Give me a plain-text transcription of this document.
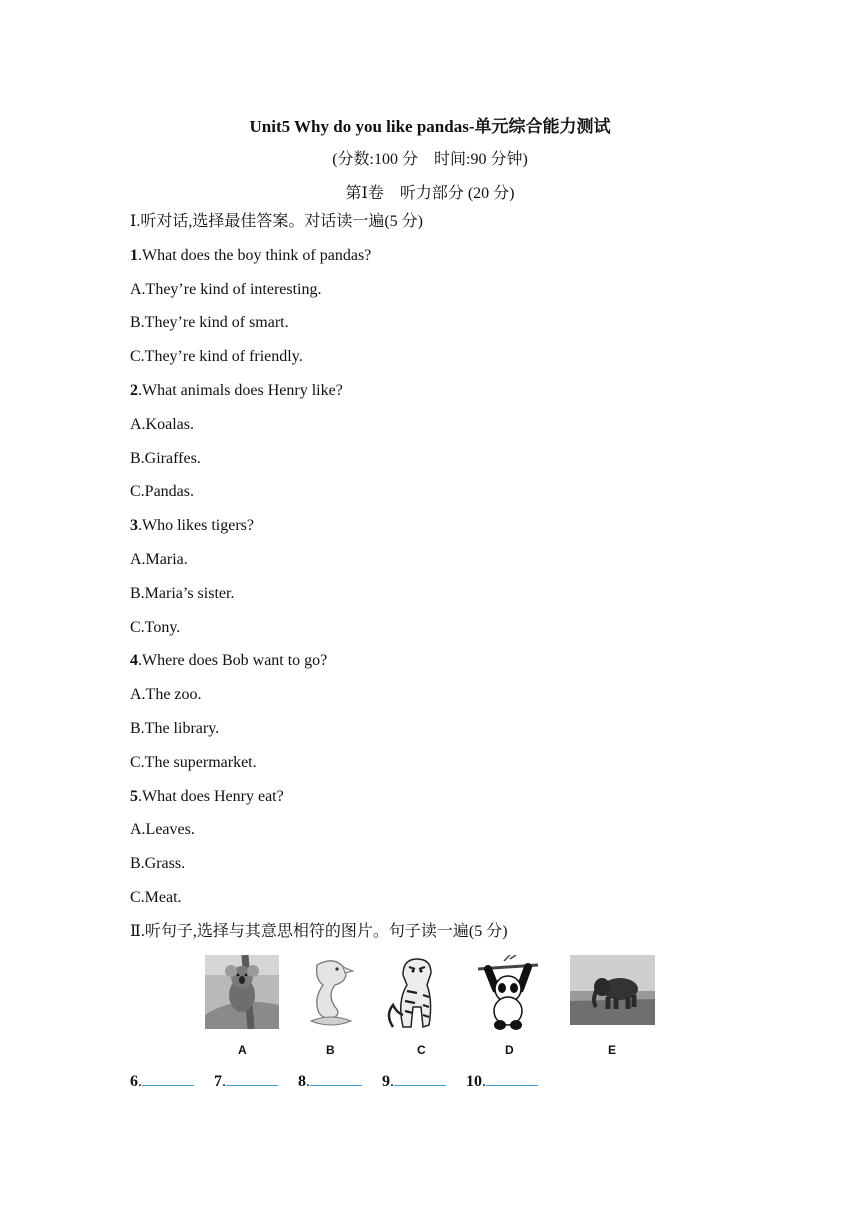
Unit5 Why do you like pandas-单元综合能力测试
(分数:100 分　时间:90 分钟)
第Ⅰ卷　听力部分 (20 分)
Ⅰ.听对话,选择最佳答案。对话读一遍(5 分)
1.What does the boy think of pandas?
A.They’re kind of interesting.
B.They’re kind of smart.
C.They’re kind of friendly.
2.What animals does Henry like?
A.Koalas.
B.Giraffes.
C.Pandas.
3.Who likes tigers?
A.Maria.
B.Maria’s sister.
C.Tony.
4.Where does Bob want to go?
A.The zoo.
B.The library.
C.The supermarket.
5.What does Henry eat?
A.Leaves.
B.Grass.
C.Meat.
Ⅱ.听句子,选择与其意思相符的图片。句子读一遍(5 分)
A	B	C	D	E
6.	7.	8.	9.	10.
